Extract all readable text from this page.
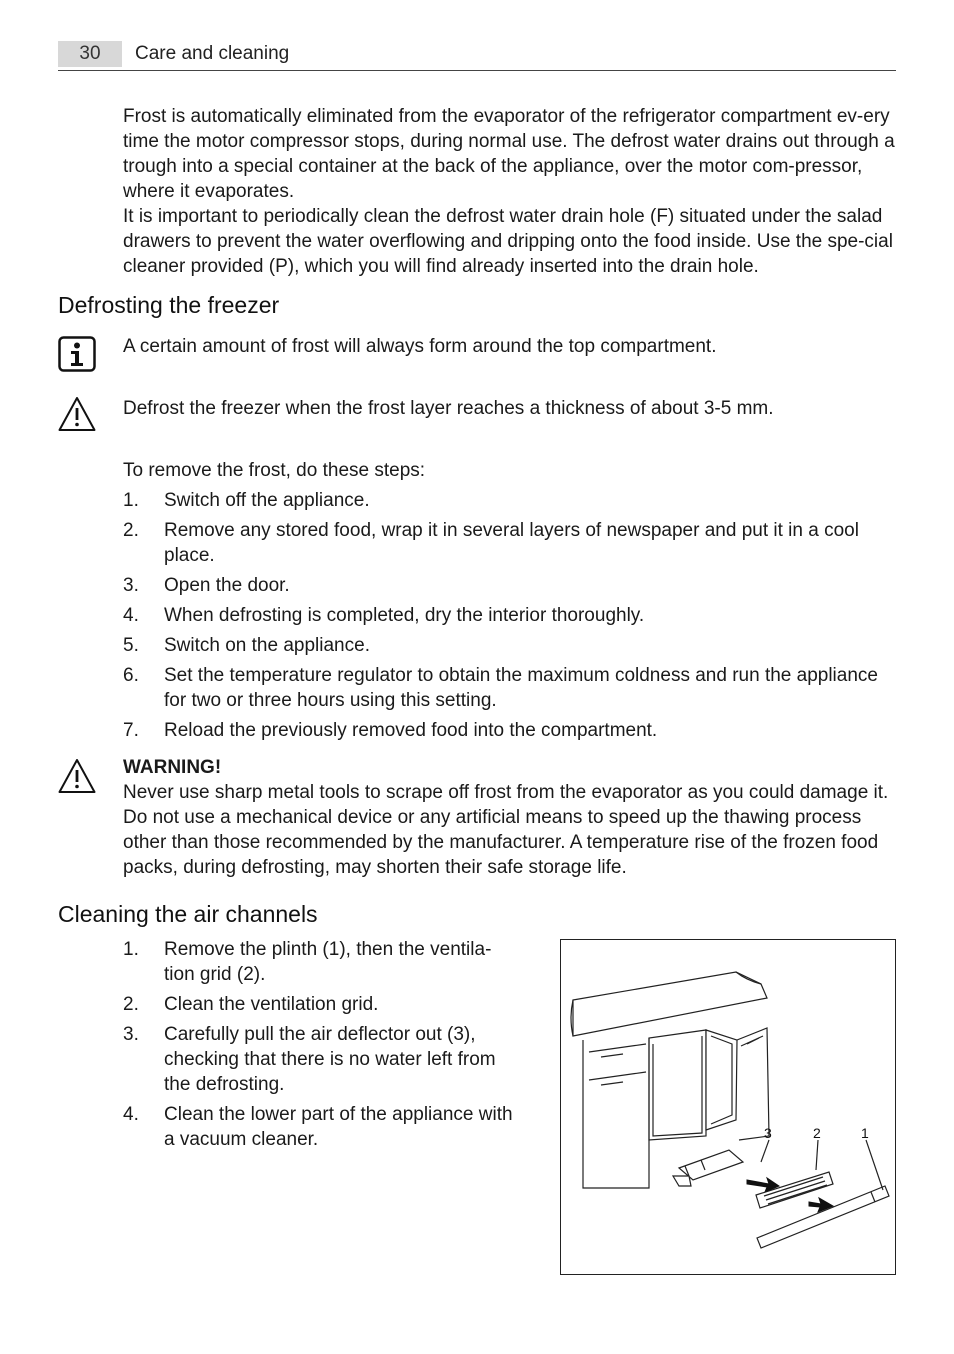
30	Care and cleaning

Frost is automatically eliminated from the evaporator of the refrigerator compartment ev-ery time the motor compressor stops, during normal use. The defrost water drains out through a trough into a special container at the back of the appliance, over the motor com-pressor, where it evaporates.

It is important to periodically clean the defrost water drain hole (F) situated under the salad drawers to prevent the water overflowing and dripping onto the food inside. Use the spe-cial cleaner provided (P), which you will find already inserted into the drain hole.

Defrosting the freezer
A certain amount of frost will always form around the top compartment.
Defrost the freezer when the frost layer reaches a thickness of about 3-5 mm.
To remove the frost, do these steps:
1. Switch off the appliance.
2. Remove any stored food, wrap it in several layers of newspaper and put it in a cool place.
3. Open the door.
4. When defrosting is completed, dry the interior thoroughly.
5. Switch on the appliance.
6. Set the temperature regulator to obtain the maximum coldness and run the appliance for two or three hours using this setting.
7. Reload the previously removed food into the compartment.
WARNING!
Never use sharp metal tools to scrape off frost from the evaporator as you could damage it. Do not use a mechanical device or any artificial means to speed up the thawing process other than those recommended by the manufacturer. A temperature rise of the frozen food packs, during defrosting, may shorten their safe storage life.
Cleaning the air channels
1. Remove the plinth (1), then the ventila-tion grid (2).
2. Clean the ventilation grid.
3. Carefully pull the air deflector out (3), checking that there is no water left from the defrosting.
4. Clean the lower part of the appliance with a vacuum cleaner.	3	2	1
